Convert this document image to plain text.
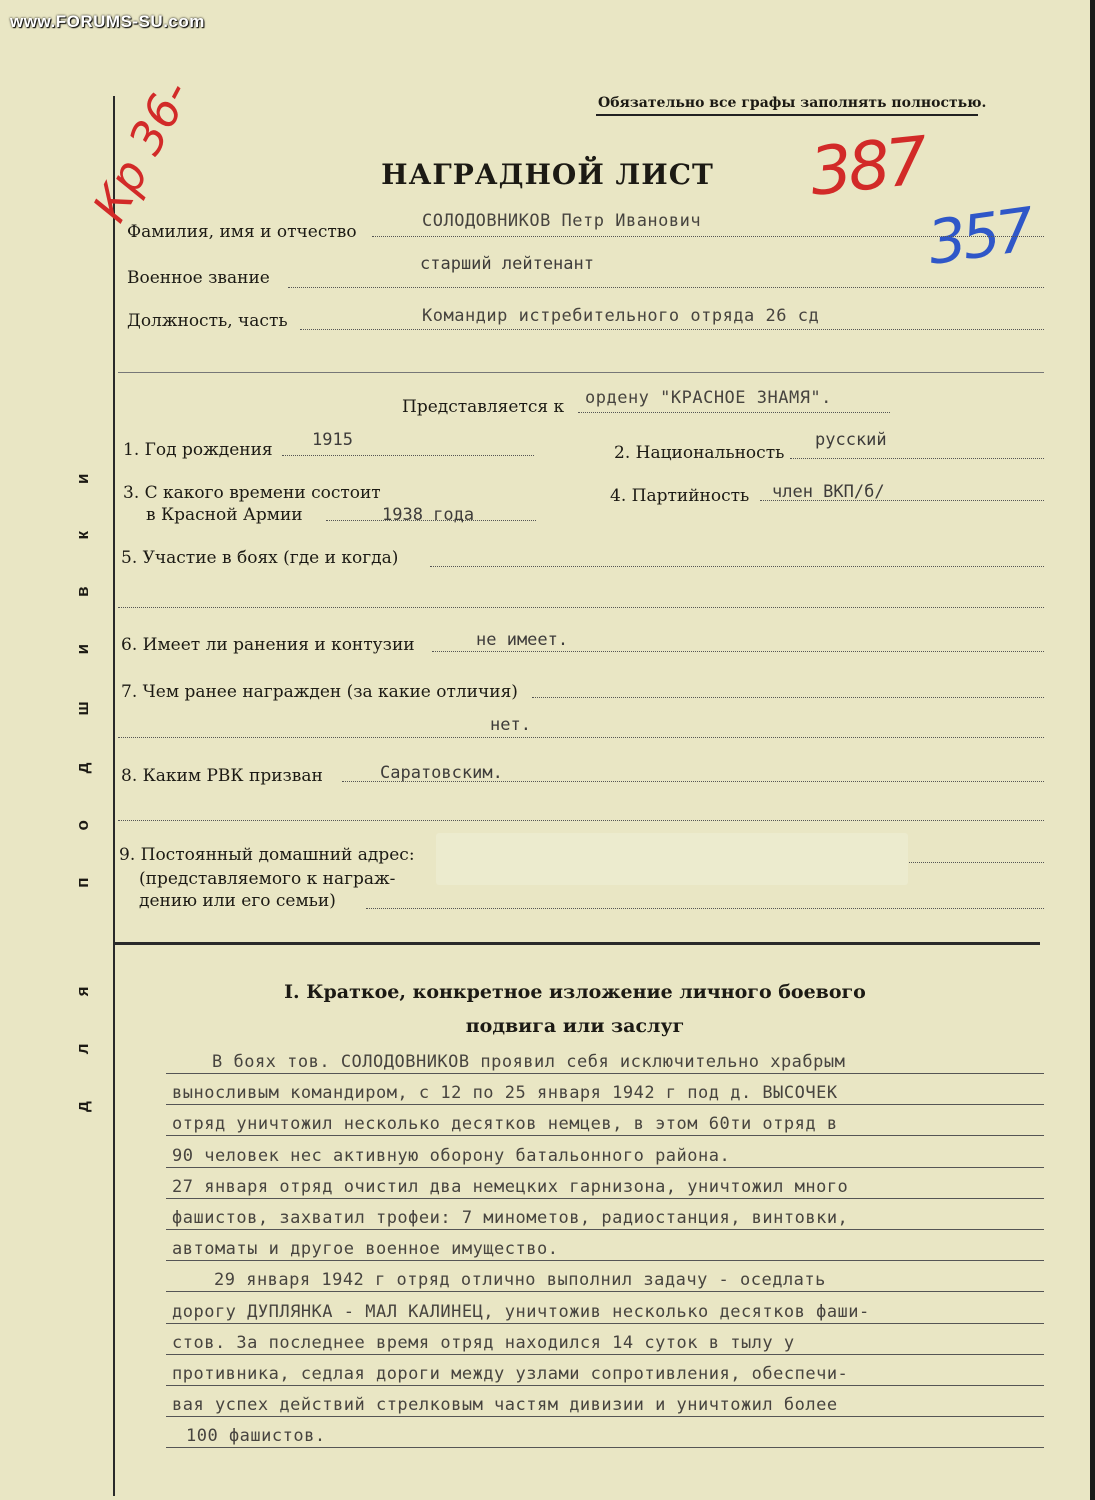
www.FORUMS-SU.com
Обязательно все графы заполнять полностью.
НАГРАДНОЙ ЛИСТ
Кр 36-	387
357
Фамилия, имя и отчество
СОЛОДОВНИКОВ Петр Иванович
Военное звание
старший лейтенант
Должность, часть	Командир истребительного отряда 26 сд
Представляется к ордену "КРАСНОЕ ЗНАМЯ".
1. Год рождения 1915
2. Национальность
русский
3. С какого времени состоит
в Красной Армии	1938 года
4. Партийность член ВКП/б/
5. Участие в боях (где и когда)
6. Имеет ли ранения и контузии	не имеет.
7. Чем ранее награжден (за какие отличия)
нет.
8. Каким РВК призван	Саратовским.
9. Постоянный домашний адрес:
(представляемого к награж-
дению или его семьи)
для подшивки	I. Краткое, конкретное изложение личного боевого
подвига или заслуг
В боях тов. СОЛОДОВНИКОВ проявил себя исключительно храбрым
выносливым командиром, с 12 по 25 января 1942 г под д. ВЫСОЧЕК
отряд уничтожил несколько десятков немцев, в этом 60ти отряд в
90 человек нес активную оборону батальонного района.
27 января отряд очистил два немецких гарнизона, уничтожил много
фашистов, захватил трофеи: 7 минометов, радиостанция, винтовки,
автоматы и другое военное имущество.
29 января 1942 г отряд отлично выполнил задачу - оседлать
дорогу ДУПЛЯНКА - МАЛ КАЛИНЕЦ, уничтожив несколько десятков фаши-
стов. За последнее время отряд находился 14 суток в тылу у
противника, седлая дороги между узлами сопротивления, обеспечи-
вая успех действий стрелковым частям дивизии и уничтожил более
100 фашистов.
